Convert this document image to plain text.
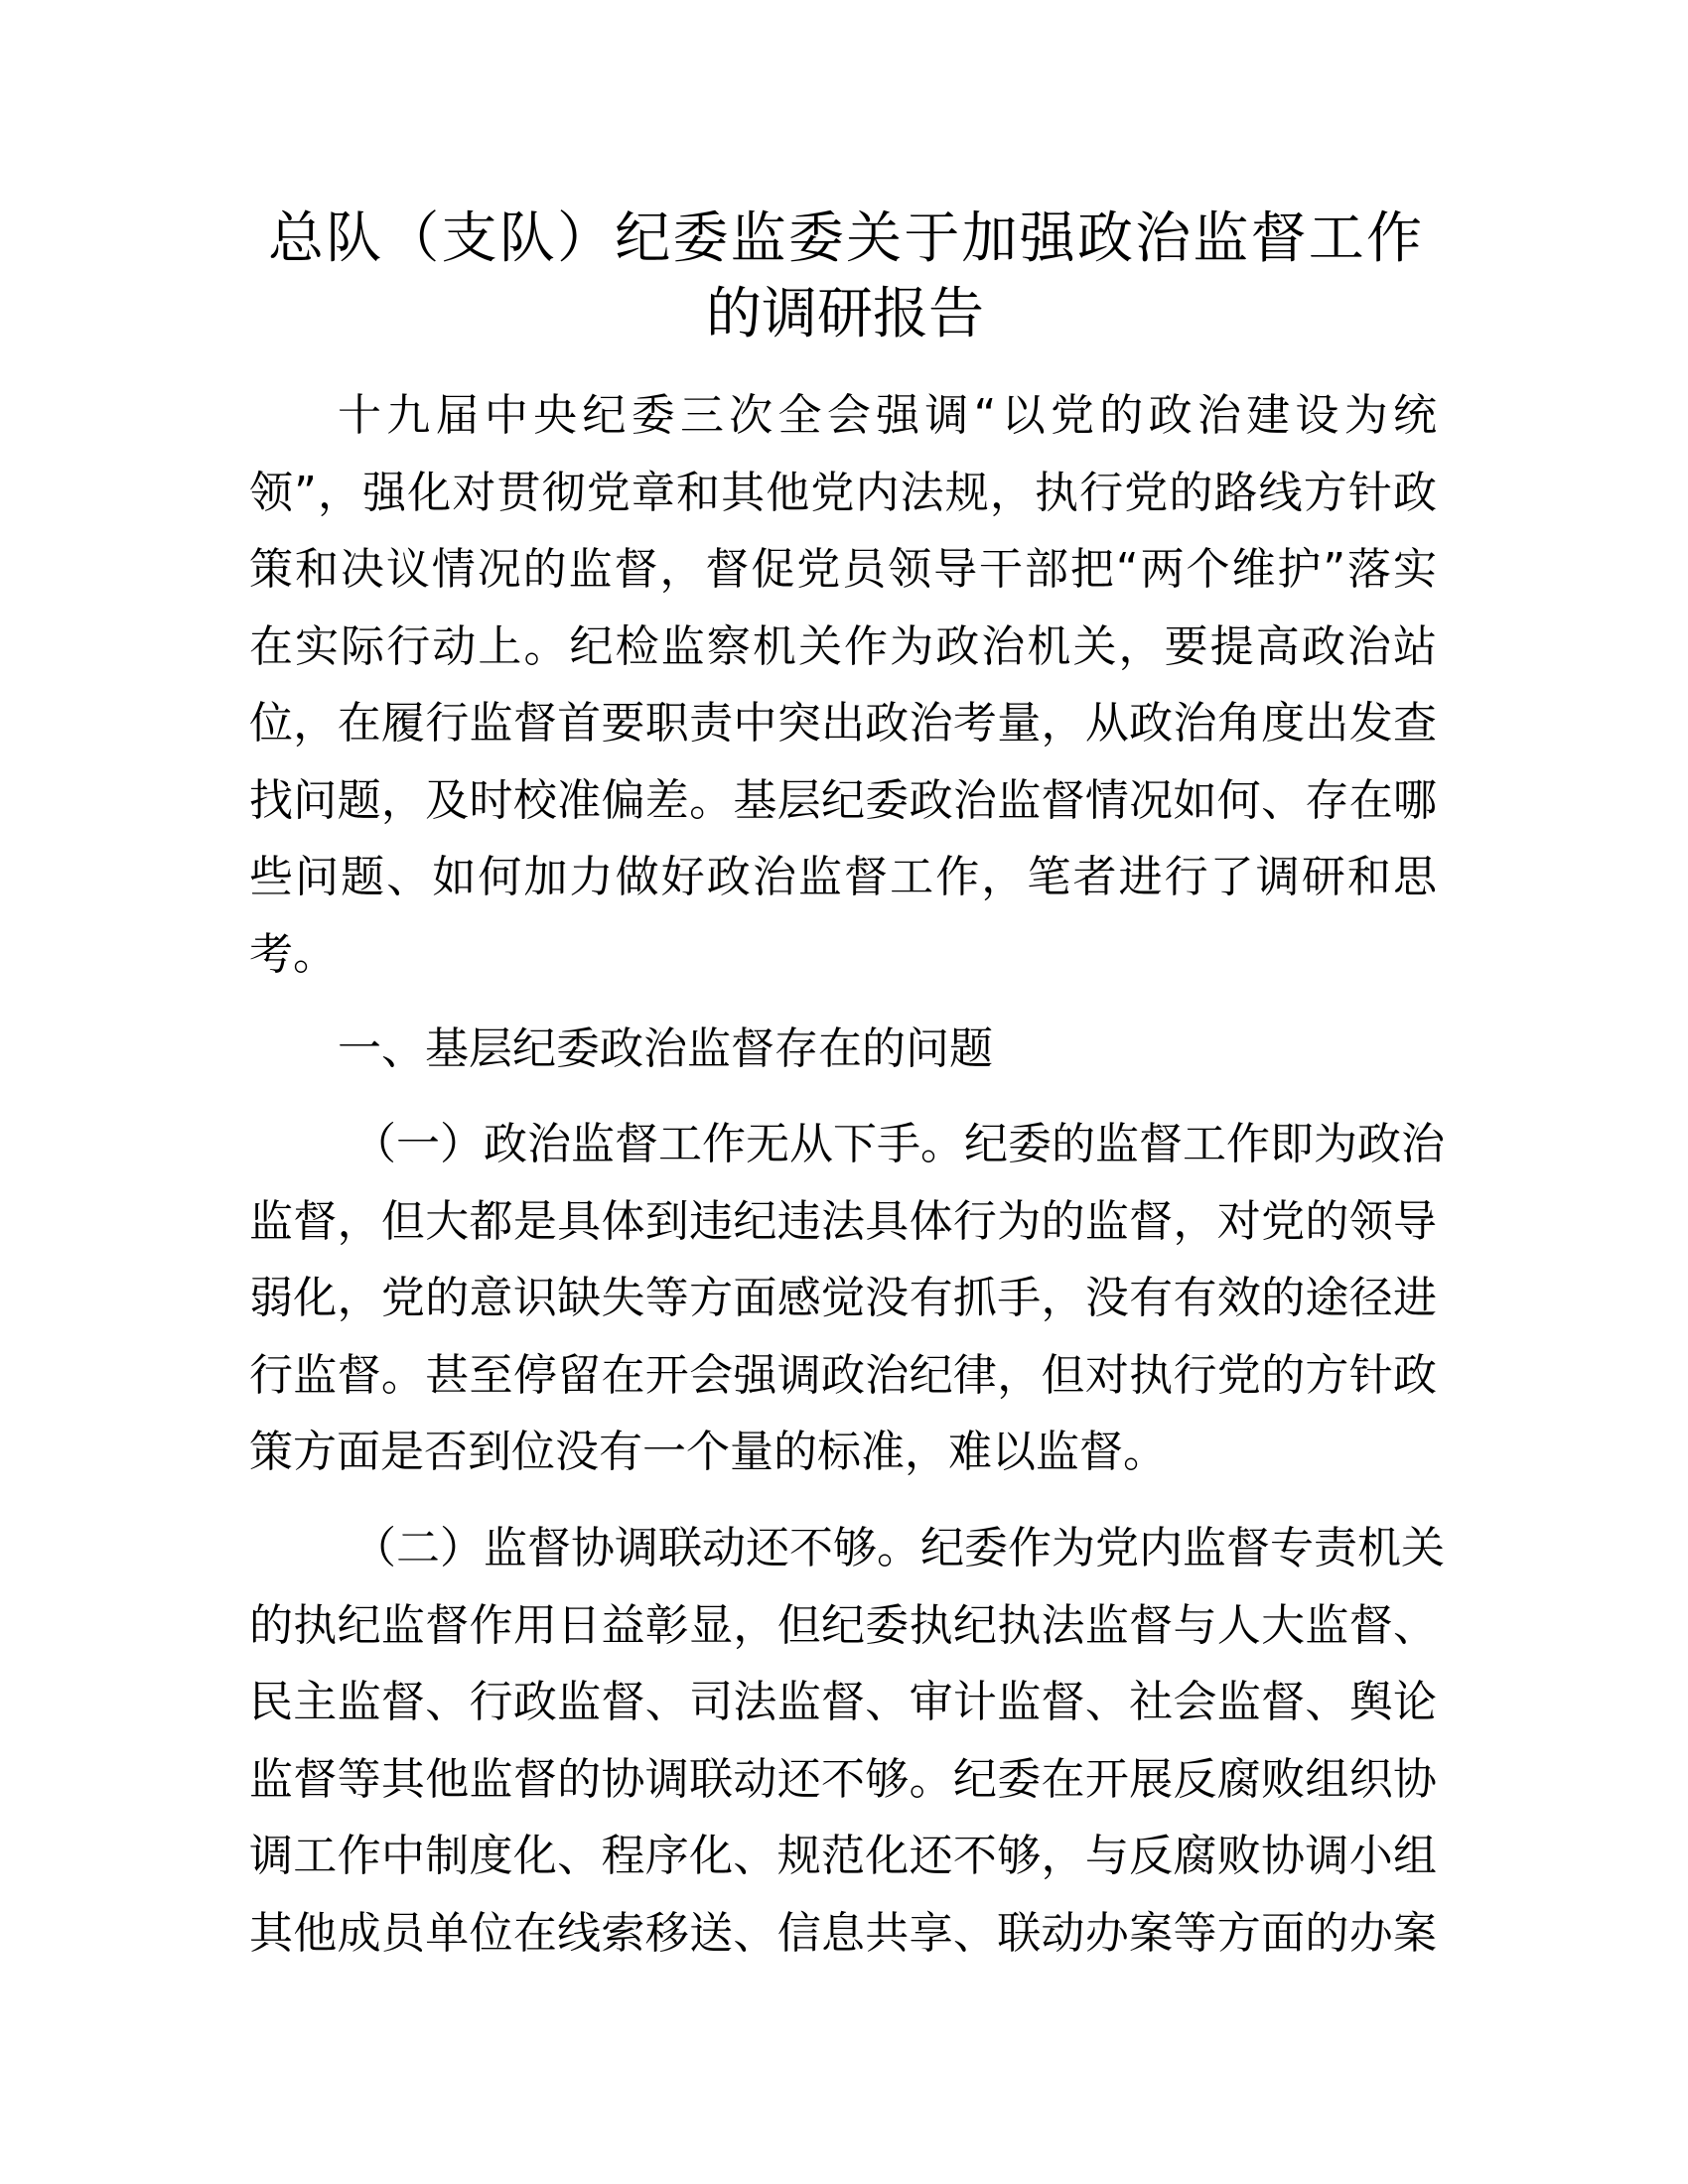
总队（支队）纪委监委关于加强政治监督工作
的调研报告
十九届中央纪委三次全会强调“以党的政治建设为统
领”，强化对贯彻党章和其他党内法规，执行党的路线方针政
策和决议情况的监督，督促党员领导干部把“两个维护”落实
在实际行动上。纪检监察机关作为政治机关，要提高政治站
位，在履行监督首要职责中突出政治考量，从政治角度出发查
找问题，及时校准偏差。基层纪委政治监督情况如何、存在哪
些问题、如何加力做好政治监督工作，笔者进行了调研和思
考。
一、基层纪委政治监督存在的问题
（一）政治监督工作无从下手。纪委的监督工作即为政治
监督，但大都是具体到违纪违法具体行为的监督，对党的领导
弱化，党的意识缺失等方面感觉没有抓手，没有有效的途径进
行监督。甚至停留在开会强调政治纪律，但对执行党的方针政
策方面是否到位没有一个量的标准，难以监督。
（二）监督协调联动还不够。纪委作为党内监督专责机关
的执纪监督作用日益彰显，但纪委执纪执法监督与人大监督、
民主监督、行政监督、司法监督、审计监督、社会监督、舆论
监督等其他监督的协调联动还不够。纪委在开展反腐败组织协
调工作中制度化、程序化、规范化还不够，与反腐败协调小组
其他成员单位在线索移送、信息共享、联动办案等方面的办案
